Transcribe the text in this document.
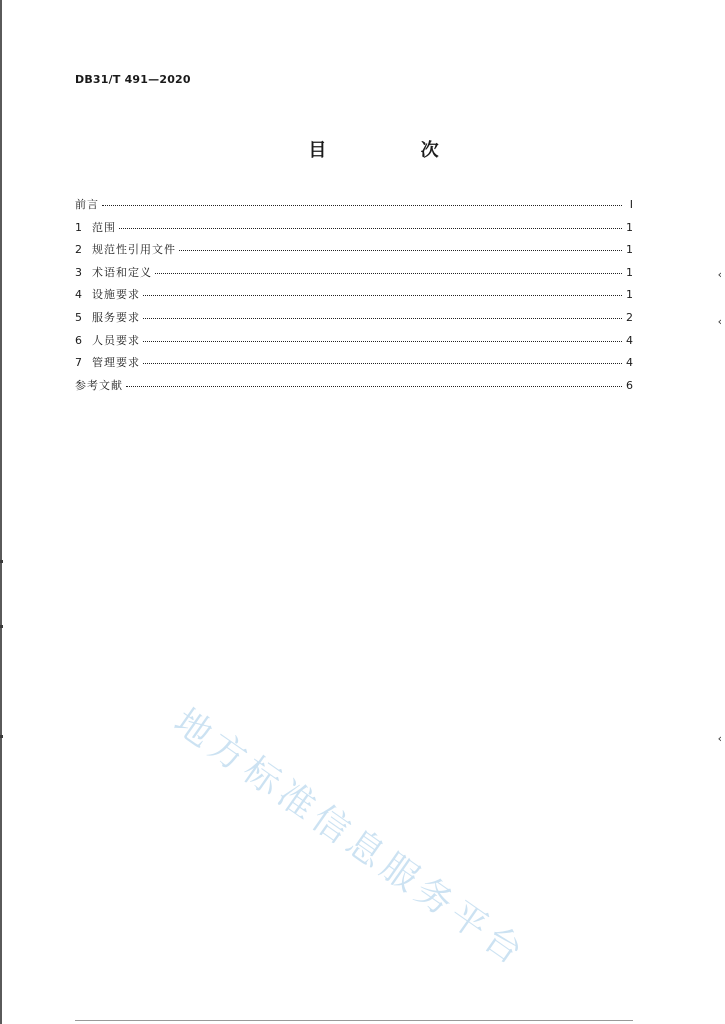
‹
‹
‹
DB31/T 491—2020
目 次
前言	Ⅰ
1 范围	1
2 规范性引用文件	1
3 术语和定义	1
4 设施要求	1
5 服务要求	2
6 人员要求	4
7 管理要求	4
参考文献	6
地方标准信息服务平台
